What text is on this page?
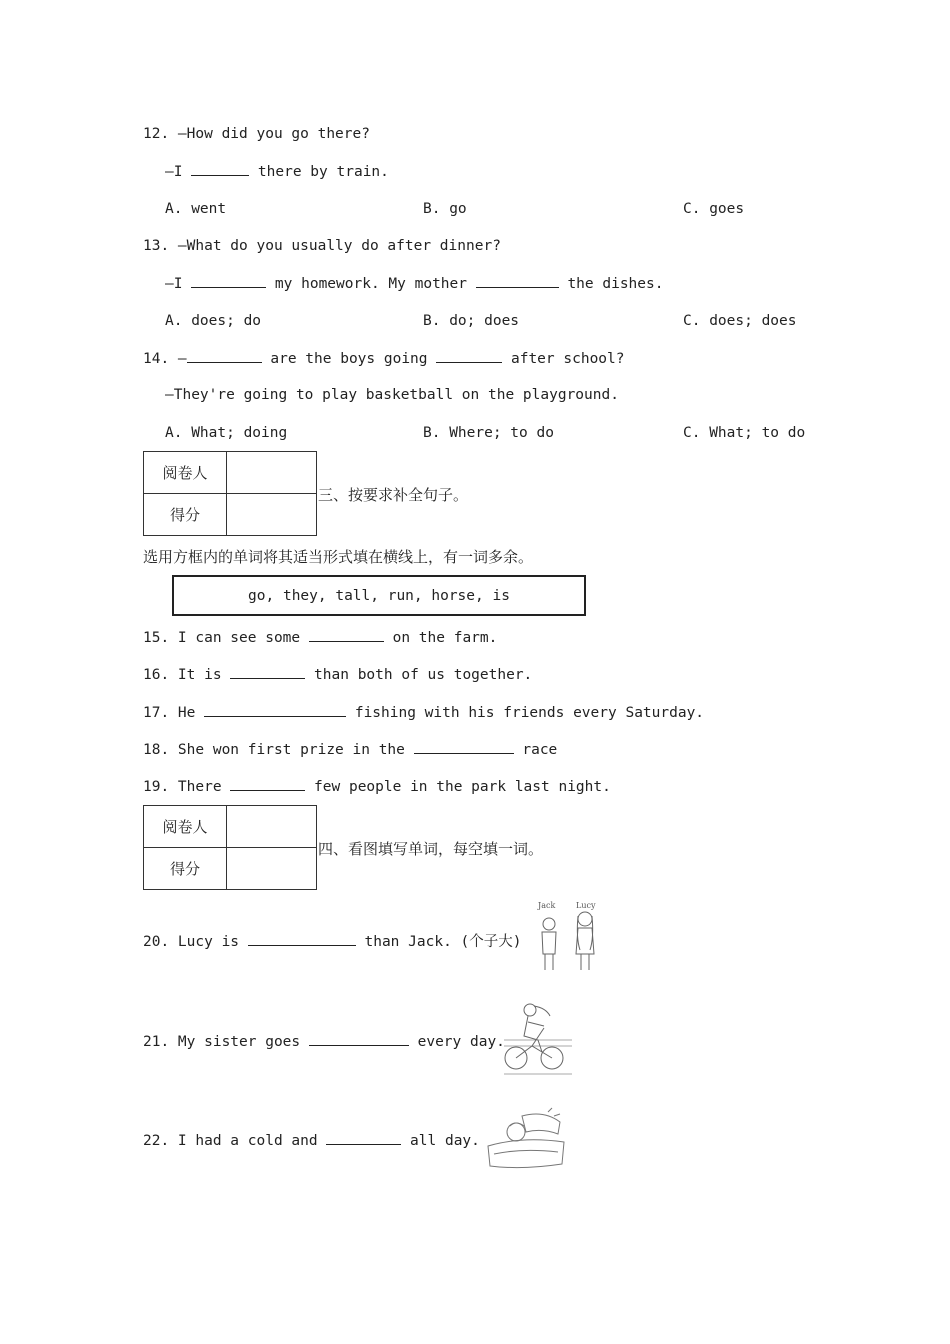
12. —How did you go there?
—I	there by train.
A. went	B. go	C. goes
13. —What do you usually do after dinner?
—I	my homework. My mother	the dishes.
A. does; do	B. do; does	C. does; does
14. —	are the boys going	after school?
—They're going to play basketball on the playground.
A. What; doing	B. Where; to do	C. What; to do
阅卷人	
得分	
三、按要求补全句子。
选用方框内的单词将其适当形式填在横线上，有一词多余。
go, they, tall, run, horse, is
15. I can see some	on the farm.
16. It is	than both of us together.
17. He	fishing with his friends every Saturday.
18. She won first prize in the	race
19. There	few people in the park last night.
阅卷人	
得分	
四、看图填写单词，每空填一词。
20. Lucy is	than Jack. (个子大)
Jack	Lucy
21. My sister goes	every day.
22. I had a cold and	all day.
